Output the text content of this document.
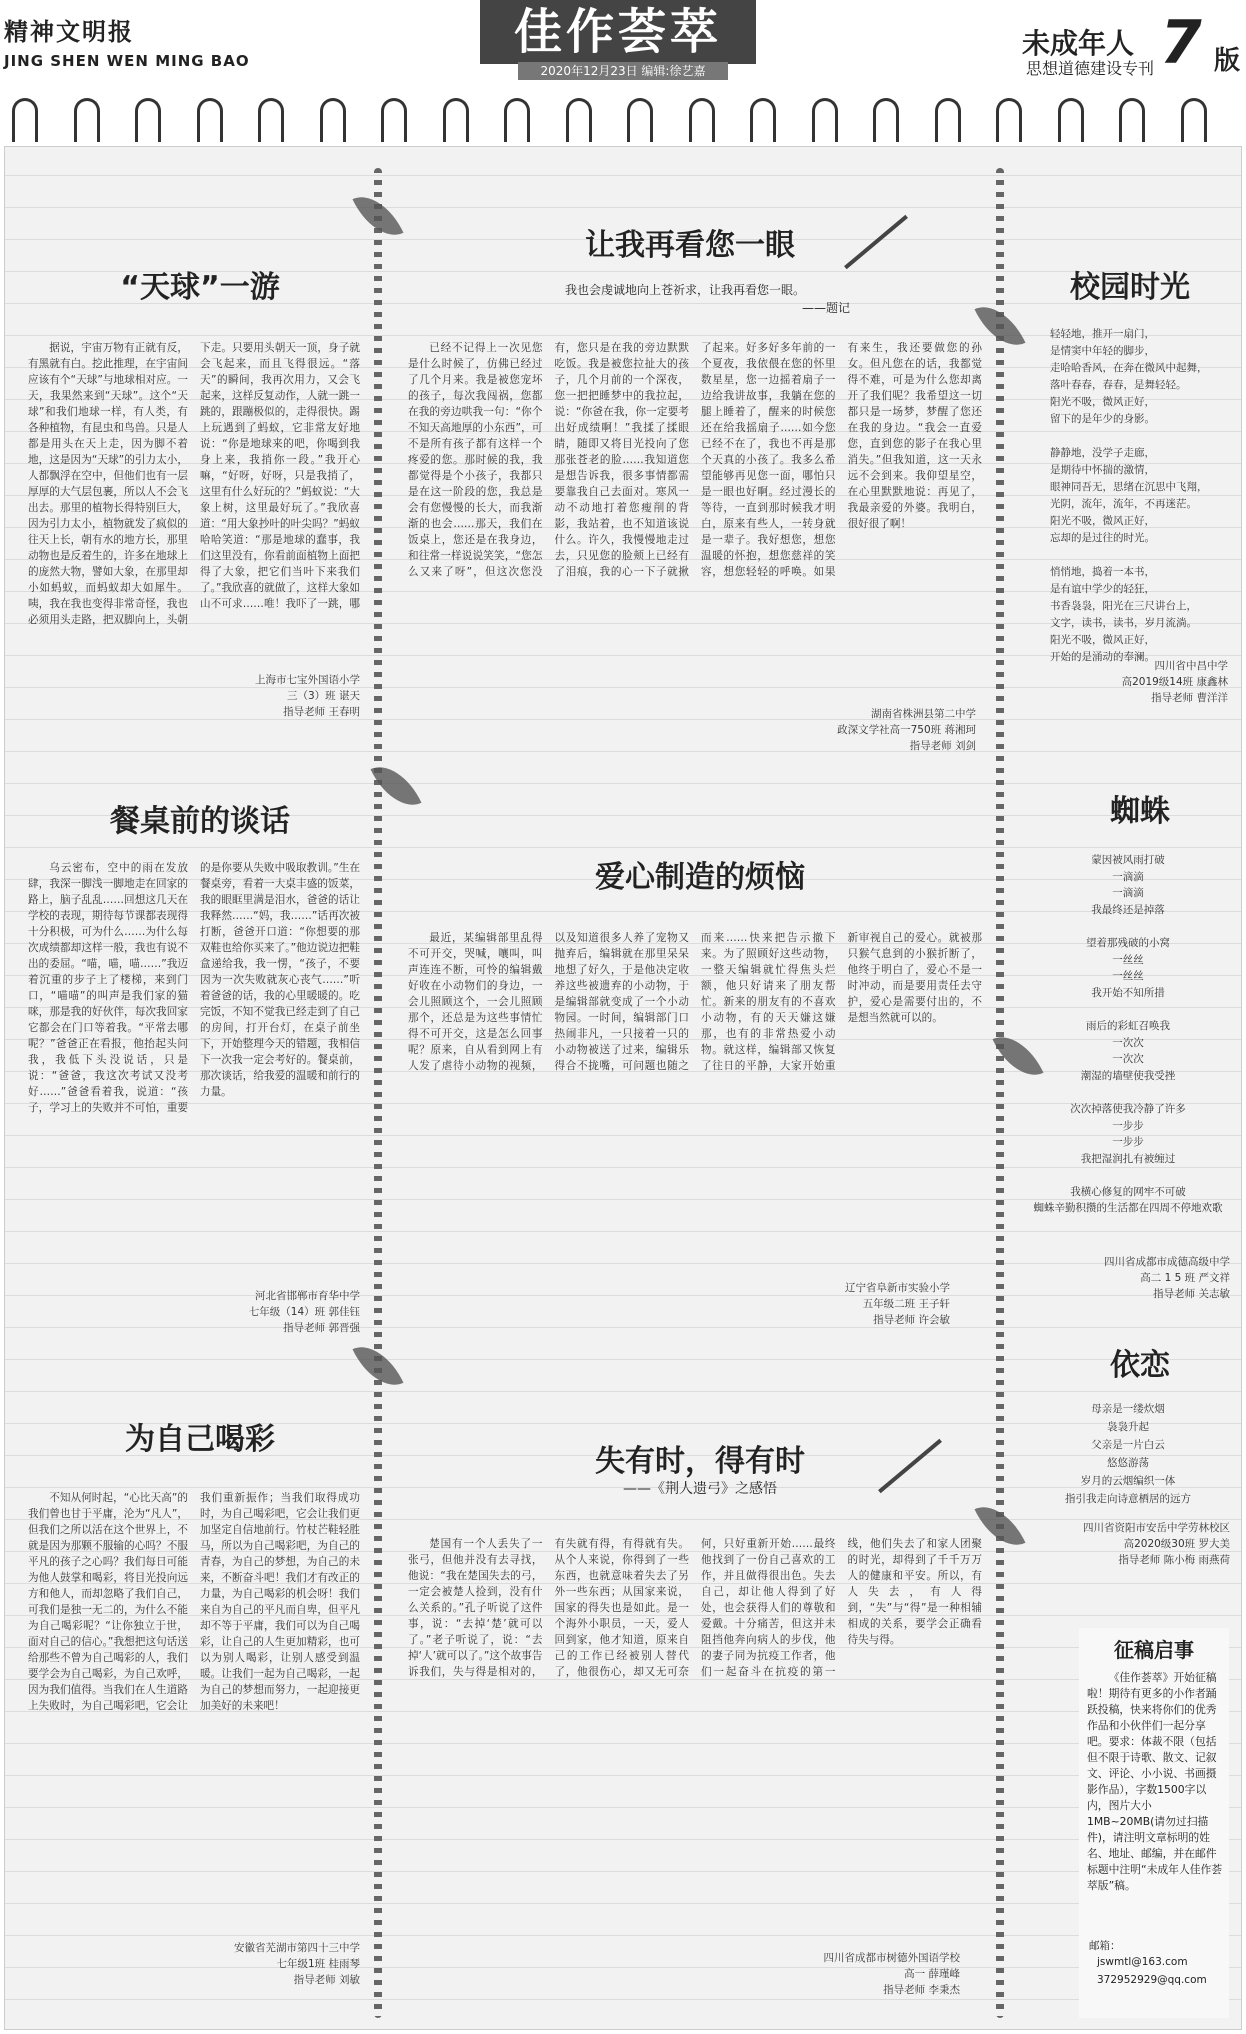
精神文明报
JING SHEN WEN MING BAO
佳作荟萃
2020年12月23日 编辑:徐艺嘉
未成年人
思想道德建设专刊 7 版
“天球”一游
据说，宇宙万物有正就有反，有黑就有白。挖此推理，在宇宙间应该有个“天球”与地球相对应。一天，我果然来到“天球”。这个“天球”和我们地球一样，有人类，有各种植物，有昆虫和鸟兽。只是人都是用头在天上走，因为脚不着地，这是因为“天球”的引力太小，人都飘浮在空中，但他们也有一层厚厚的大气层包裹，所以人不会飞出去。那里的植物长得特别巨大，因为引力太小，植物就发了疯似的往天上长，朝有水的地方长，那里动物也是反着生的，许多在地球上的庞然大物，譬如大象，在那里却小如蚂蚁，而蚂蚁却大如犀牛。咦，我在我也变得非常奇怪，我也必须用头走路，把双脚向上，头朝下走。只要用头朝天一顶，身子就会飞起来，而且飞得很远。“落天”的瞬间，我再次用力，又会飞起来，这样反复动作，人就一跳一跳的，跟蹦极似的，走得很快。踢上玩遇到了蚂蚁，它非常友好地说：“你是地球来的吧，你喝到我身上来，我捎你一段。”我开心嘛，“好呀，好呀，只是我捎了，这里有什么好玩的？”蚂蚁说：“大象上树，这里最好玩了。”我欣喜道：“用大象抄叶的叶尖吗？”蚂蚁哈哈笑道：“那是地球的蠢事，我们这里没有，你看前面植物上面把得了大象，把它们当叶下来我们了。”我欣喜的就做了，这样大象如山不可求……唯！我吓了一跳，哪
上海市七宝外国语小学
三（3）班 谌天
指导老师 王春明
让我再看您一眼
我也会虔诚地向上苍祈求，让我再看您一眼。
——题记
已经不记得上一次见您是什么时候了，仿佛已经过了几个月来。我是被您宠坏的孩子，每次我闯祸，您都在我的旁边哄我一句：“你个不知天高地厚的小东西”，可不是所有孩子都有这样一个疼爱的您。那时候的我，我都觉得是个小孩子，我都只是在这一阶段的您，我总是会有您慢慢的长大，而我渐渐的也会……那天，我们在饭桌上，您还是在我身边，和往常一样说说笑笑，“您怎么又来了呀”，但这次您没有，您只是在我的旁边默默吃饭。我是被您拉扯大的孩子，几个月前的一个深夜，您一把把睡梦中的我拉起，说：“你爸在我，你一定要考出好成绩啊！”我揉了揉眼睛，随即又将目光投向了您那张苍老的脸……我知道您是想告诉我，很多事情都需要靠我自己去面对。寒风一动不动地打着您瘦削的背影，我站着，也不知道该说什么。许久，我慢慢地走过去，只见您的脸颊上已经有了泪痕，我的心一下子就揪了起来。好多好多年前的一个夏夜，我依偎在您的怀里数星星，您一边摇着扇子一边给我讲故事，我躺在您的腿上睡着了，醒来的时候您还在给我摇扇子……如今您已经不在了，我也不再是那个天真的小孩了。我多么希望能够再见您一面，哪怕只是一眼也好啊。经过漫长的等待，一直到那时候我才明白，原来有些人，一转身就是一辈子。我好想您，想您温暖的怀抱，想您慈祥的笑容，想您轻轻的呼唤。如果有来生，我还要做您的孙女。但凡您在的话，我都觉得不难，可是为什么您却离开了我们呢？我希望这一切都只是一场梦，梦醒了您还在我的身边。“我会一直爱您，直到您的影子在我心里消失。”但我知道，这一天永远不会到来。我仰望星空，在心里默默地说：再见了，我最亲爱的外婆。我明白，很好很了啊！
湖南省株洲县第二中学
政深文学社高一750班 蒋湘珂
指导老师 刘剑
校园时光
轻轻地，推开一扇门，
是情窦中年轻的脚步，
走哈哈香风，在奔在微风中起舞，
落叶春春，春春，是舞轻轻。
阳光不吸，微风正好，
留下的是年少的身影。

静静地，没学子走廊，
是期待中怀揣的激情，
眼神同吾无，思绪在沉思中飞翔，
光阴，流年，流年，不再迷茫。
阳光不吸，微风正好，
忘却的是过往的时光。

悄悄地，捣着一本书，
是有谊中学少的轻狂，
书香袅袅，阳光在三尺讲台上，
文字，读书，读书，岁月流淌。
阳光不吸，微风正好，
开始的是涌动的奉澜。
四川省中昌中学
高2019级14班 康鑫林
指导老师 曹洋洋
餐桌前的谈话
乌云密布，空中的雨在发放肆，我深一脚浅一脚地走在回家的路上，脑子乱乱……回想这几天在学校的表现，期待每节课都表现得十分积极，可为什么……为什么每次成绩都却这样一般，我也有说不出的委屈。“喵，喵，喵……”我迈着沉重的步子上了楼梯，来到门口，“喵喵”的叫声是我们家的猫咪，那是我的好伙伴，每次我回家它都会在门口等着我。“平常去哪呢？”爸爸正在看报，他抬起头问我，我低下头没说话，只是说：“爸爸，我这次考试又没考好……”爸爸看着我，说道：“孩子，学习上的失败并不可怕，重要的是你要从失败中吸取教训。”生在餐桌旁，看着一大桌丰盛的饭菜，我的眼眶里满是泪水，爸爸的话让我释然……“妈，我……”话再次被打断，爸爸开口道：“你想要的那双鞋也给你买来了。”他边说边把鞋盒递给我，我一愣，“孩子，不要因为一次失败就灰心丧气……”听着爸爸的话，我的心里暖暖的。吃完饭，不知不觉我已经走到了自己的房间，打开台灯，在桌子前坐下，开始整理今天的错题，我相信下一次我一定会考好的。餐桌前，那次谈话，给我爱的温暖和前行的力量。
河北省邯郸市育华中学
七年级（14）班 郭佳钰
指导老师 郭晋强
爱心制造的烦恼
最近，某编辑部里乱得不可开交，哭喊，嚷叫，叫声连连不断，可怜的编辑戴好收在小动物们的身边，一会儿照顾这个，一会儿照顾那个，还总是为这些事情忙得不可开交，这是怎么回事呢？原来，自从看到网上有人发了虐待小动物的视频，以及知道很多人养了宠物又抛弃后，编辑就在那里呆呆地想了好久，于是他决定收养这些被遗弃的小动物，于是编辑部就变成了一个小动物园。一时间，编辑部门口热闹非凡，一只接着一只的小动物被送了过来，编辑乐得合不拢嘴，可问题也随之而来……快来把告示撤下来。为了照顾好这些动物，一整天编辑就忙得焦头烂额，他只好请来了朋友帮忙。新来的朋友有的不喜欢小动物，有的天天嫌这嫌那，也有的非常热爱小动物。就这样，编辑部又恢复了往日的平静，大家开始重新审视自己的爱心。就被那只猴气息到的小猴折断了，他终于明白了，爱心不是一时冲动，而是要用责任去守护，爱心是需要付出的，不是想当然就可以的。
辽宁省阜新市实验小学
五年级二班 王子轩
指导老师 许会敏
蜘蛛
蒙因被风雨打破
一滴滴
一滴滴
我最终还是掉落

望着那残破的小窝
一丝丝
一丝丝
我开始不知所措

雨后的彩虹召唤我
一次次
一次次
潮湿的墙壁使我受挫

次次掉落使我冷静了许多
一步步
一步步
我把湿润扎有被缠过

我横心修复的网牢不可破
蜘蛛辛勤积攒的生活都在四周不停地欢歌
四川省成都市成德高级中学
高二 1 5 班 严文祥
指导老师 关志敏
依恋
母亲是一缕炊烟
袅袅升起
父亲是一片白云
悠悠游荡
岁月的云烟编织一体
指引我走向诗意栖居的远方
四川省资阳市安岳中学劳林校区
高2020级30班 罗大美
指导老师 陈小梅 雨燕荷
为自己喝彩
不知从何时起，“心比天高”的我们曾也甘于平庸，沦为“凡人”，但我们之所以活在这个世界上，不就是因为那颗不服输的心吗？不服平凡的孩子之心吗？我们每日可能为他人鼓掌和喝彩，将目光投向远方和他人，而却忽略了我们自己，可我们是独一无二的，为什么不能为自己喝彩呢？“让你独立于世，面对自己的信心。”我想把这句话送给那些不曾为自己喝彩的人，我们要学会为自己喝彩，为自己欢呼，因为我们值得。当我们在人生道路上失败时，为自己喝彩吧，它会让我们重新振作；当我们取得成功时，为自己喝彩吧，它会让我们更加坚定自信地前行。竹杖芒鞋轻胜马，所以为自己喝彩吧，为自己的青春，为自己的梦想，为自己的未来，不断奋斗吧！我们才有改正的力量，为自己喝彩的机会呀！我们来自为自己的平凡而自卑，但平凡却不等于平庸，我们可以为自己喝彩，让自己的人生更加精彩，也可以为别人喝彩，让别人感受到温暖。让我们一起为自己喝彩，一起为自己的梦想而努力，一起迎接更加美好的未来吧！
安徽省芜湖市第四十三中学
七年级1班 桂雨琴
指导老师 刘敏
失有时，得有时
——《荆人遗弓》之感悟
楚国有一个人丢失了一张弓，但他并没有去寻找，他说：“我在楚国失去的弓，一定会被楚人捡到，没有什么关系的。”孔子听说了这件事，说：“去掉‘楚’就可以了。”老子听说了，说：“去掉‘人’就可以了。”这个故事告诉我们，失与得是相对的，有失就有得，有得就有失。从个人来说，你得到了一些东西，也就意味着失去了另外一些东西；从国家来说，国家的得失也是如此。是一个海外小职员，一天，爱人回到家，他才知道，原来自己的工作已经被别人替代了，他很伤心，却又无可奈何，只好重新开始……最终他找到了一份自己喜欢的工作，并且做得很出色。失去自己，却让他人得到了好处，也会获得人们的尊敬和爱戴。十分痛苦，但这并未阻挡他奔向病人的步伐，他的妻子同为抗疫工作者，他们一起奋斗在抗疫的第一线，他们失去了和家人团聚的时光，却得到了千千万万人的健康和平安。所以，有人失去，有人得到，“失”与“得”是一种相辅相成的关系，要学会正确看待失与得。
四川省成都市树德外国语学校
高一 薛瑾峰
指导老师 李秉杰
征稿启事
《佳作荟萃》开始征稿啦！期待有更多的小作者踊跃投稿，快来将你们的优秀作品和小伙伴们一起分享吧。要求：体裁不限（包括但不限于诗歌、散文、记叙文、评论、小小说、书画摄影作品），字数1500字以内，图片大小1MB~20MB(请勿过扫描件)，请注明文章标明的姓名、地址、邮编，并在邮件标题中注明“未成年人佳作荟萃版”稿。
邮箱：
jswmtl@163.com
372952929@qq.com
